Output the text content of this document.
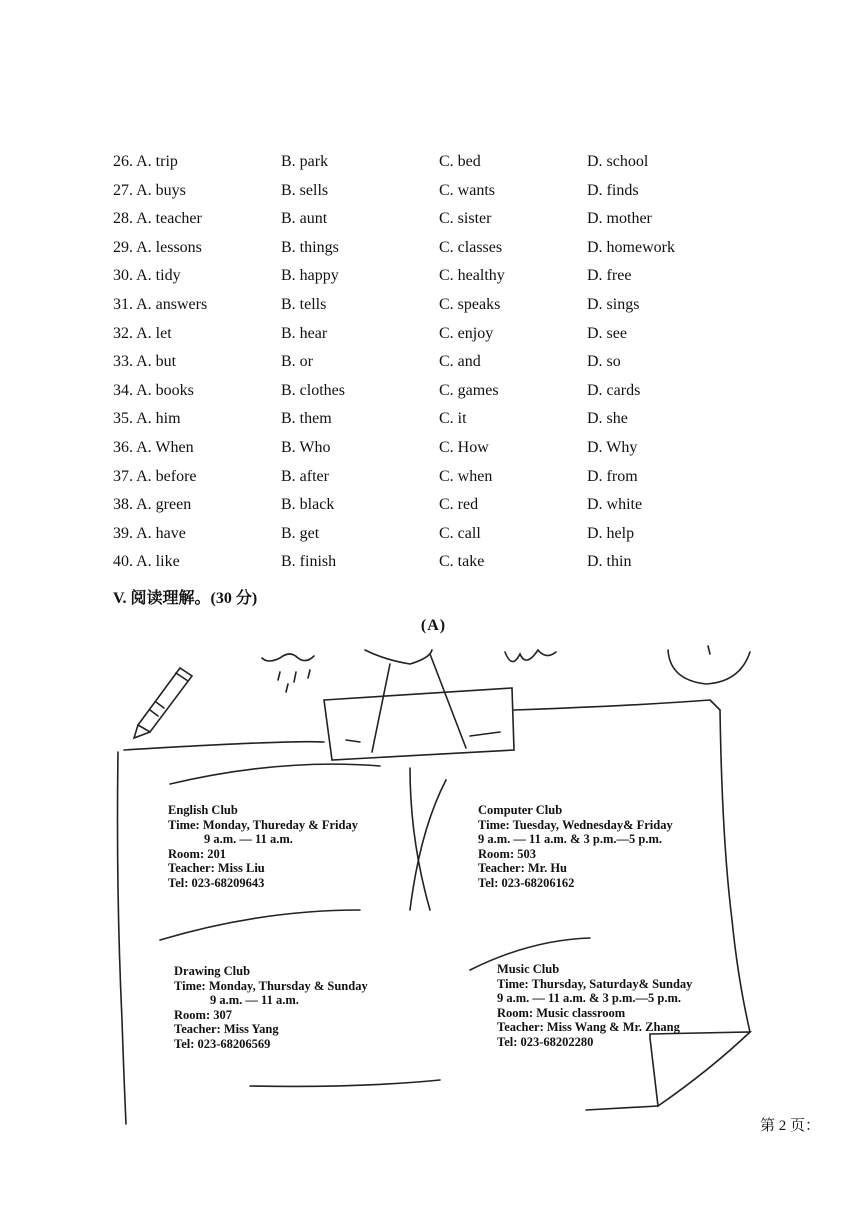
26. A. trip	B. park	C. bed	D. school
27. A. buys	B. sells	C. wants	D. finds
28. A. teacher	B. aunt	C. sister	D. mother
29. A. lessons	B. things	C. classes	D. homework
30. A. tidy	B. happy	C. healthy	D. free
31. A. answers	B. tells	C. speaks	D. sings
32. A. let	B. hear	C. enjoy	D. see
33. A. but	B. or	C. and	D. so
34. A. books	B. clothes	C. games	D. cards
35. A. him	B. them	C. it	D. she
36. A. When	B. Who	C. How	D. Why
37. A. before	B. after	C. when	D. from
38. A. green	B. black	C. red	D. white
39. A. have	B. get	C. call	D. help
40. A. like	B. finish	C. take	D. thin
V. 阅读理解。(30 分)
(A)
English Club
Time: Monday, Thureday & Friday
9 a.m. — 11 a.m.
Room: 201
Teacher: Miss Liu
Tel: 023-68209643
Computer Club
Time: Tuesday, Wednesday& Friday
9 a.m. — 11 a.m. & 3 p.m.—5 p.m.
Room: 503
Teacher: Mr. Hu
Tel: 023-68206162
Drawing Club
Time: Monday, Thursday & Sunday
9 a.m. — 11 a.m.
Room: 307
Teacher: Miss Yang
Tel: 023-68206569
Music Club
Time: Thursday, Saturday& Sunday
9 a.m. — 11 a.m. & 3 p.m.—5 p.m.
Room: Music classroom
Teacher: Miss Wang & Mr. Zhang
Tel: 023-68202280
第 2 页：
